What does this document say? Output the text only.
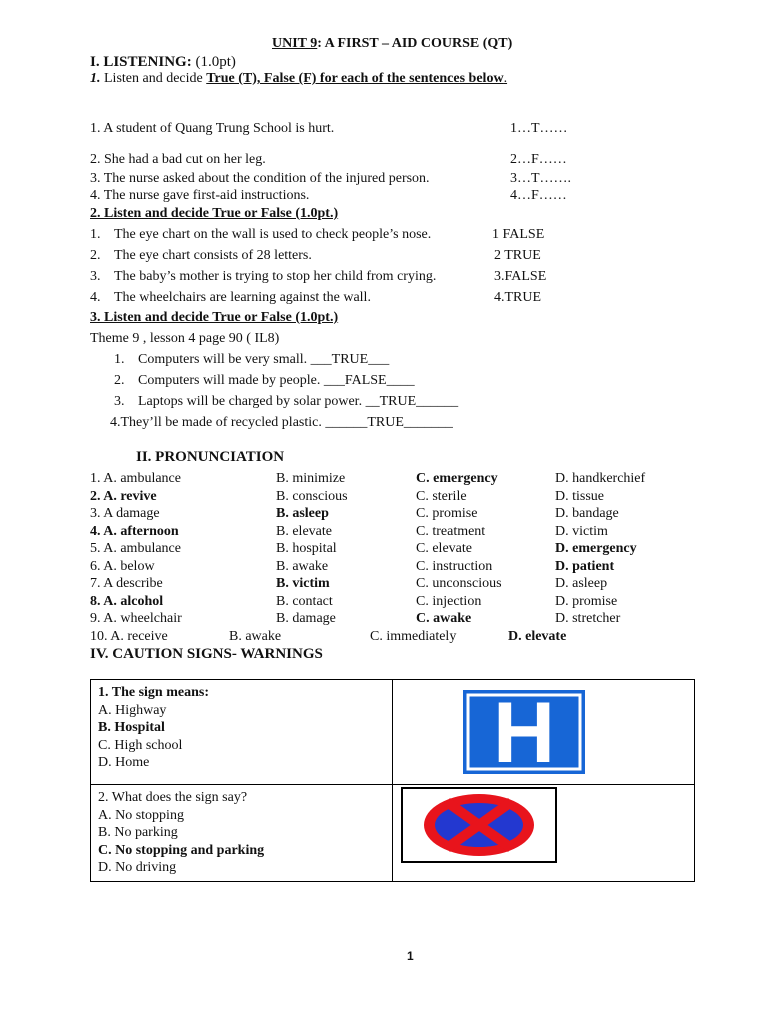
UNIT 9: A FIRST – AID COURSE (QT)
I. LISTENING: (1.0pt)
1. Listen and decide True (T), False (F) for each of the sentences below.
1. A student of Quang Trung School is hurt.	1…T……
2. She had a bad cut on her leg.	2…F……
3. The nurse asked about the condition of the injured person.	3…T…….
4. The nurse gave first-aid instructions.	4…F……
2. Listen and decide True or False (1.0pt.)
1. The eye chart on the wall is used to check people’s nose.	1 FALSE
2. The eye chart consists of 28 letters.	2 TRUE
3. The baby’s mother is trying to stop her child from crying.	3.FALSE
4. The wheelchairs are learning against the wall.	4.TRUE
3. Listen and decide True or False (1.0pt.)
Theme 9 , lesson 4 page 90 ( IL8)
1. Computers will be very small. ___TRUE___
2. Computers will made by people. ___FALSE____
3. Laptops will be charged by solar power. __TRUE______
4.They’ll be made of recycled plastic. ______TRUE_______
II. PRONUNCIATION
1. A. ambulance	B. minimize	C. emergency	D. handkerchief
2. A. revive	B. conscious	C. sterile	D. tissue
3. A damage	B. asleep	C. promise	D. bandage
4. A. afternoon	B. elevate	C. treatment	D. victim
5. A. ambulance	B. hospital	C. elevate	D. emergency
6. A. below	B. awake	C. instruction	D. patient
7. A describe	B. victim	C. unconscious	D. asleep
8. A. alcohol	B. contact	C. injection	D. promise
9. A. wheelchair	B. damage	C. awake	D. stretcher
10. A. receive	B. awake	C. immediately	D. elevate
IV. CAUTION SIGNS- WARNINGS
1. The sign means:
A. Highway
B. Hospital
C. High school
D. Home	H

2. What does the sign say?
A. No stopping
B. No parking
C. No stopping and parking
D. No driving

1
